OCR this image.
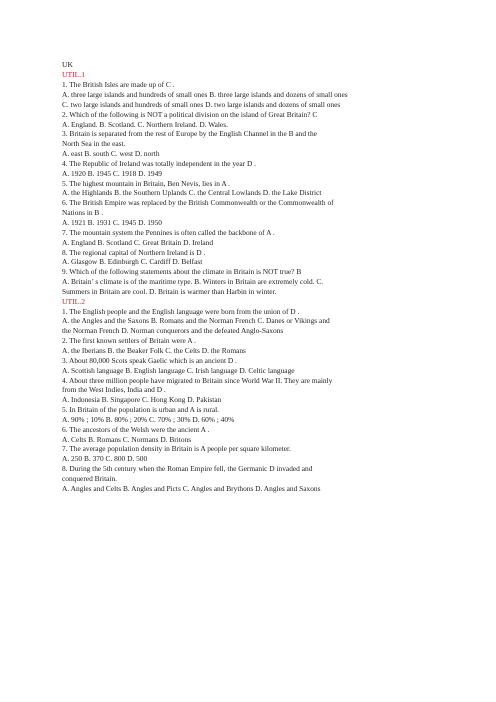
UK
UTIL.1
1. The British Isles are made up of C .
A. three large islands and hundreds of small ones B. three large islands and dozens of small ones
C. two large islands and hundreds of small ones D. two large islands and dozens of small ones
2. Which of the following is NOT a political division on the island of Great Britain? C
A. England. B. Scotland. C. Northern Ireland. D. Wales.
3. Britain is separated from the rest of Europe by the English Channel in the B and the
North Sea in the east.
A. east B. south C. west D. north
4. The Republic of Ireland was totally independent in the year D .
A. 1920 B. 1945 C. 1918 D. 1949
5. The highest mountain in Britain, Ben Nevis, lies in A .
A. the Highlands B. the Southern Uplands C. the Central Lowlands D. the Lake District
6. The British Empire was replaced by the British Commonwealth or the Commonwealth of
Nations in B .
A. 1921 B. 1931 C. 1945 D. 1950
7. The mountain system the Pennines is often called the backbone of A .
A. England B. Scotland C. Great Britain D. Ireland
8. The regional capital of Northern Ireland is D .
A. Glasgow B. Edinburgh C. Cardiff D. Belfast
9. Which of the following statements about the climate in Britain is NOT true? B
A. Britain’ s climate is of the maritime type. B. Winters in Britain are extremely cold. C.
Summers in Britain are cool. D. Britain is warmer than Harbin in winter.
UTIL.2
1. The English people and the English language were born from the union of D .
A. the Angles and the Saxons B. Romans and the Norman French C. Danes or Vikings and
the Norman French D. Norman conquerors and the defeated Anglo-Saxons
2. The first known settlers of Britain were A .
A. the Iberians B. the Beaker Folk C. the Celts D. the Romans
3. About 80,000 Scots speak Gaelic which is an ancient D .
A. Scottish language B. English language C. Irish language D. Celtic language
4. About three million people have migrated to Britain since World War II. They are mainly
from the West Indies, India and D .
A. Indonesia B. Singapore C. Hong Kong D. Pakistan
5. In Britain of the population is urban and A is rural.
A. 90% ; 10% B. 80% ; 20% C. 70% ; 30% D. 60% ; 40%
6. The ancestors of the Welsh were the ancient A .
A. Celts B. Romans C. Normans D. Britons
7. The average population density in Britain is A people per square kilometer.
A. 250 B. 370 C. 800 D. 500
8. During the 5th century when the Roman Empire fell, the Germanic D invaded and
conquered Britain.
A. Angles and Celts B. Angles and Picts C. Angles and Brythons D. Angles and Saxons
